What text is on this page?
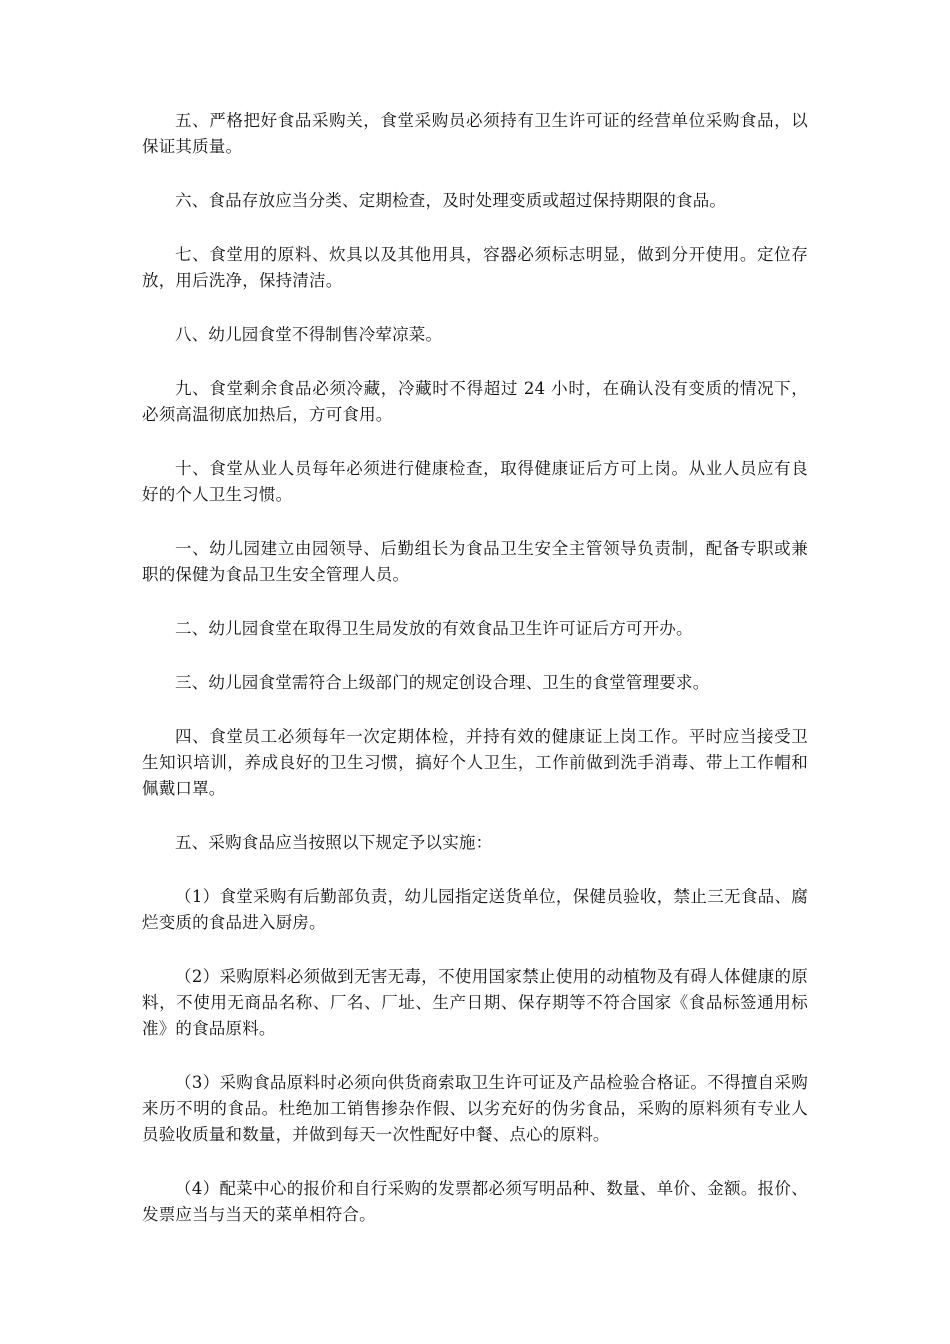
五、严格把好食品采购关，食堂采购员必须持有卫生许可证的经营单位采购食品，以保证其质量。

六、食品存放应当分类、定期检查，及时处理变质或超过保持期限的食品。

七、食堂用的原料、炊具以及其他用具，容器必须标志明显，做到分开使用。定位存放，用后洗净，保持清洁。

八、幼儿园食堂不得制售冷荤凉菜。

九、食堂剩余食品必须冷藏，冷藏时不得超过 24 小时，在确认没有变质的情况下，必须高温彻底加热后，方可食用。

十、食堂从业人员每年必须进行健康检查，取得健康证后方可上岗。从业人员应有良好的个人卫生习惯。

一、幼儿园建立由园领导、后勤组长为食品卫生安全主管领导负责制，配备专职或兼职的保健为食品卫生安全管理人员。

二、幼儿园食堂在取得卫生局发放的有效食品卫生许可证后方可开办。

三、幼儿园食堂需符合上级部门的规定创设合理、卫生的食堂管理要求。

四、食堂员工必须每年一次定期体检，并持有效的健康证上岗工作。平时应当接受卫生知识培训，养成良好的卫生习惯，搞好个人卫生，工作前做到洗手消毒、带上工作帽和佩戴口罩。

五、采购食品应当按照以下规定予以实施：

（1）食堂采购有后勤部负责，幼儿园指定送货单位，保健员验收，禁止三无食品、腐烂变质的食品进入厨房。

（2）采购原料必须做到无害无毒，不使用国家禁止使用的动植物及有碍人体健康的原料，不使用无商品名称、厂名、厂址、生产日期、保存期等不符合国家《食品标签通用标准》的食品原料。

（3）采购食品原料时必须向供货商索取卫生许可证及产品检验合格证。不得擅自采购来历不明的食品。杜绝加工销售掺杂作假、以劣充好的伪劣食品，采购的原料须有专业人员验收质量和数量，并做到每天一次性配好中餐、点心的原料。

（4）配菜中心的报价和自行采购的发票都必须写明品种、数量、单价、金额。报价、发票应当与当天的菜单相符合。
